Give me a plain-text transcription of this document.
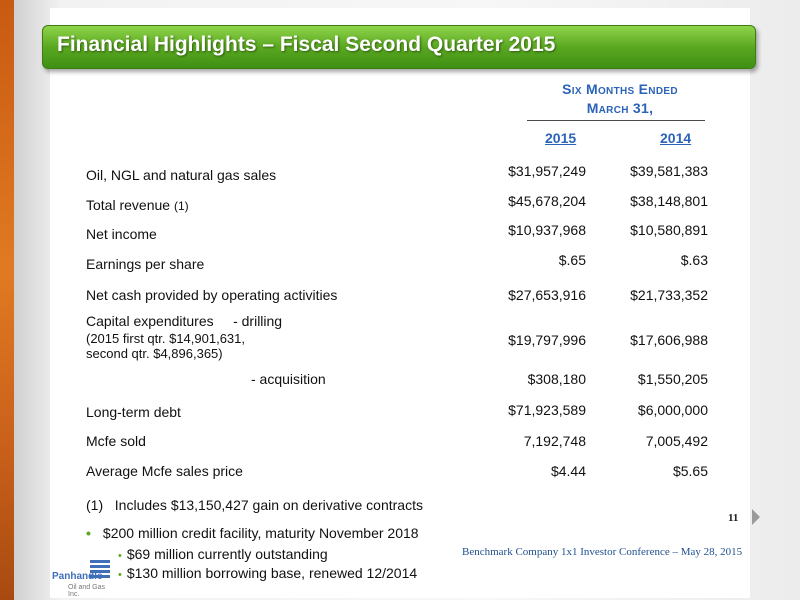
Financial Highlights – Fiscal Second Quarter 2015
Six Months Ended
March 31,
2015	2014
Oil, NGL and natural gas sales	$31,957,249	$39,581,383
Total revenue (1)	$45,678,204	$38,148,801
Net income	$10,937,968	$10,580,891
Earnings per share	$.65	$.63
Net cash provided by operating activities	$27,653,916	$21,733,352
Capital expenditures     - drilling
(2015 first qtr. $14,901,631,
second qtr. $4,896,365)
$19,797,996	$17,606,988
- acquisition	$308,180	$1,550,205
Long-term debt	$71,923,589	$6,000,000
Mcfe sold	7,192,748	7,005,492
Average Mcfe sales price	$4.44	$5.65
(1)   Includes $13,150,427 gain on derivative contracts
• $200 million credit facility, maturity November 2018
• $69 million currently outstanding
• $130 million borrowing base, renewed 12/2014
11
Benchmark Company 1x1 Investor Conference – May 28, 2015
Panhandle
Oil and Gas Inc.
